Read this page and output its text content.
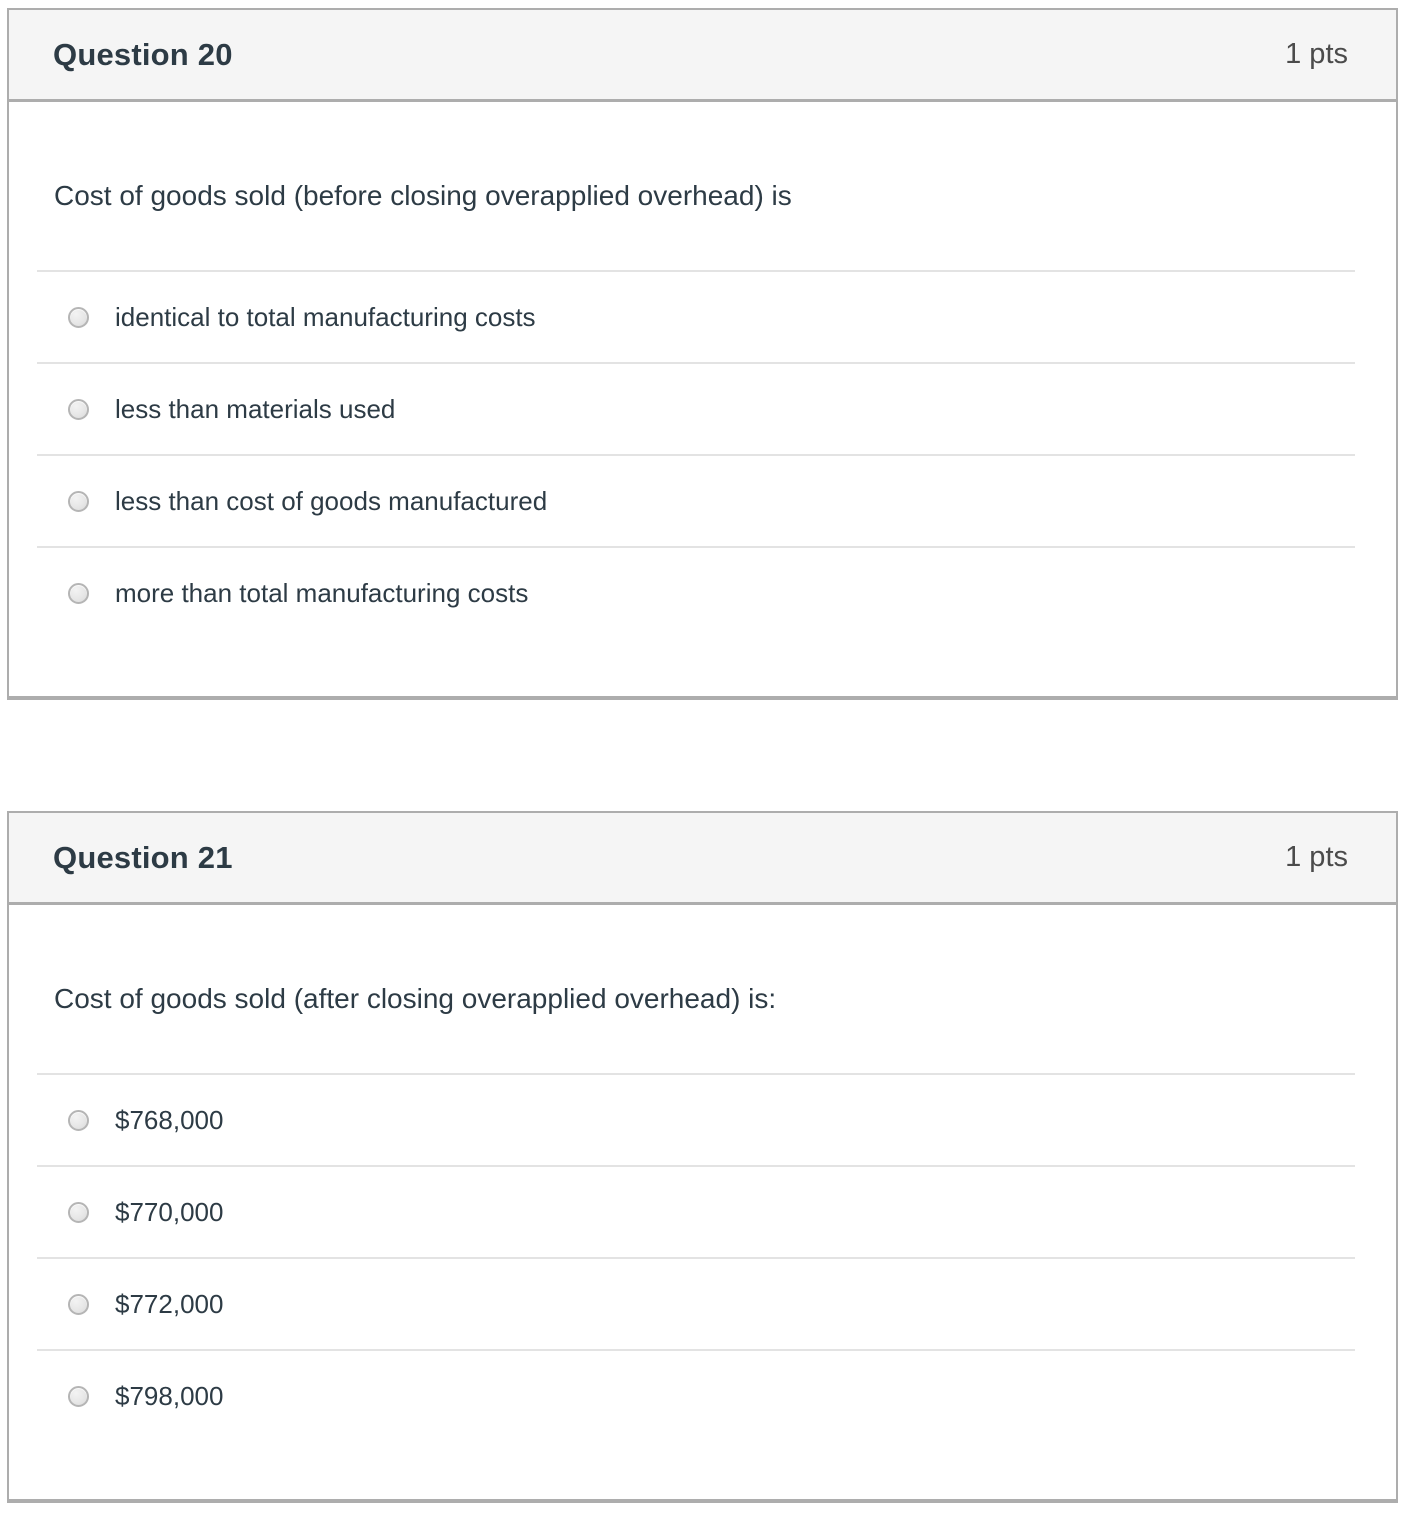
Question 20	1 pts

Cost of goods sold (before closing overapplied overhead) is

identical to total manufacturing costs
less than materials used
less than cost of goods manufactured
more than total manufacturing costs
Question 21	1 pts

Cost of goods sold (after closing overapplied overhead) is:

$768,000
$770,000
$772,000
$798,000
